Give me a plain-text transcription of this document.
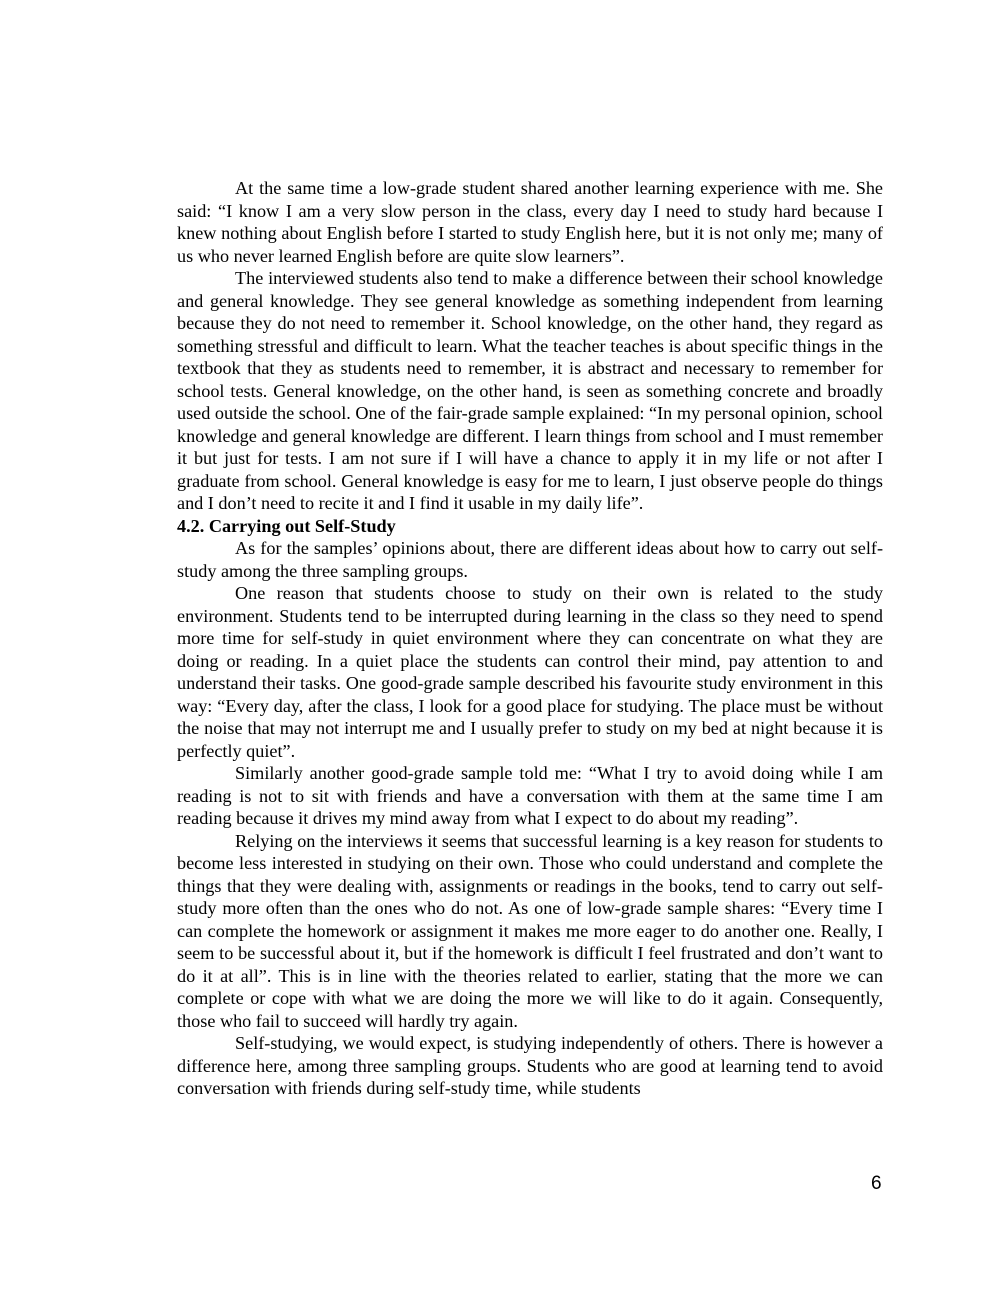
At the same time a low-grade student shared another learning experience with me. She said: “I know I am a very slow person in the class, every day I need to study hard because I knew nothing about English before I started to study English here, but it is not only me; many of us who never learned English before are quite slow learners”.

The interviewed students also tend to make a difference between their school knowledge and general knowledge. They see general knowledge as something independent from learning because they do not need to remember it. School knowledge, on the other hand, they regard as something stressful and difficult to learn. What the teacher teaches is about specific things in the textbook that they as students need to remember, it is abstract and necessary to remember for school tests. General knowledge, on the other hand, is seen as something concrete and broadly used outside the school. One of the fair-grade sample explained: “In my personal opinion, school knowledge and general knowledge are different. I learn things from school and I must remember it but just for tests. I am not sure if I will have a chance to apply it in my life or not after I graduate from school. General knowledge is easy for me to learn, I just observe people do things and I don’t need to recite it and I find it usable in my daily life”.

4.2. Carrying out Self-Study

As for the samples’ opinions about, there are different ideas about how to carry out self-study among the three sampling groups.

One reason that students choose to study on their own is related to the study environment. Students tend to be interrupted during learning in the class so they need to spend more time for self-study in quiet environment where they can concentrate on what they are doing or reading. In a quiet place the students can control their mind, pay attention to and understand their tasks. One good-grade sample described his favourite study environment in this way: “Every day, after the class, I look for a good place for studying. The place must be without the noise that may not interrupt me and I usually prefer to study on my bed at night because it is perfectly quiet”.

Similarly another good-grade sample told me: “What I try to avoid doing while I am reading is not to sit with friends and have a conversation with them at the same time I am reading because it drives my mind away from what I expect to do about my reading”.

Relying on the interviews it seems that successful learning is a key reason for students to become less interested in studying on their own. Those who could understand and complete the things that they were dealing with, assignments or readings in the books, tend to carry out self-study more often than the ones who do not. As one of low-grade sample shares: “Every time I can complete the homework or assignment it makes me more eager to do another one. Really, I seem to be successful about it, but if the homework is difficult I feel frustrated and don’t want to do it at all”. This is in line with the theories related to earlier, stating that the more we can complete or cope with what we are doing the more we will like to do it again. Consequently, those who fail to succeed will hardly try again.

Self-studying, we would expect, is studying independently of others. There is however a difference here, among three sampling groups. Students who are good at learning tend to avoid conversation with friends during self-study time, while students

6
